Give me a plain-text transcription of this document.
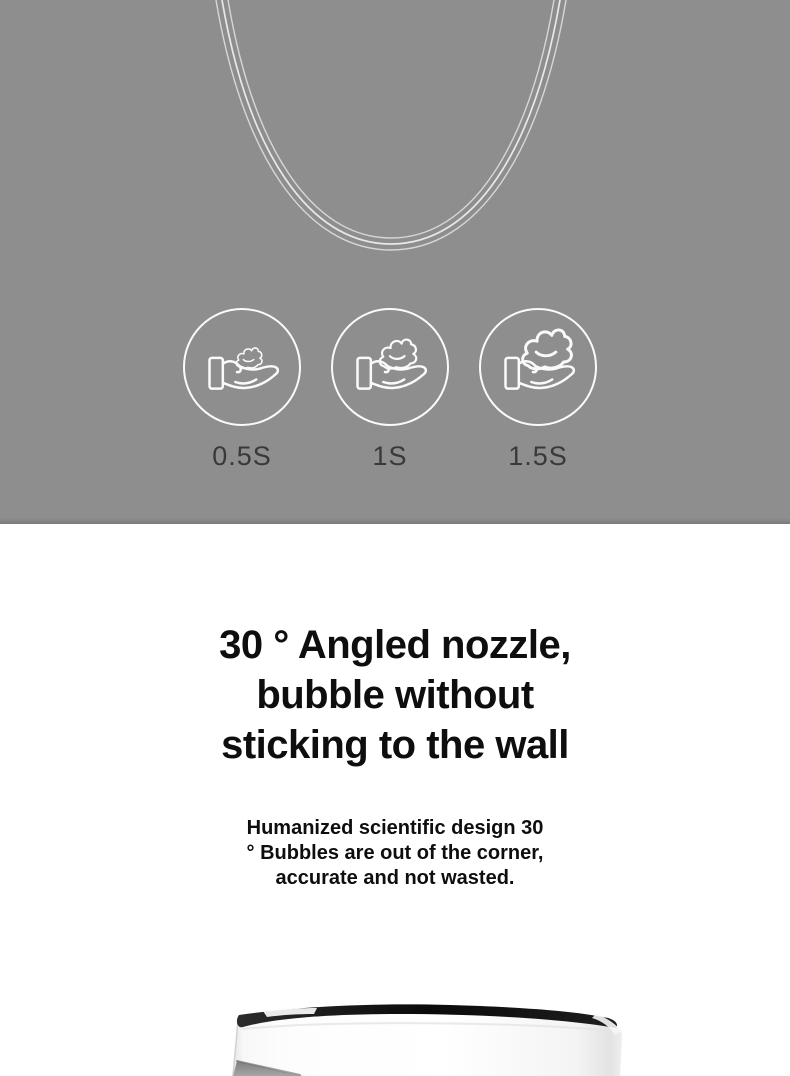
0.5S	1S	1.5S
30 ° Angled nozzle,
bubble without
sticking to the wall

Humanized scientific design 30
° Bubbles are out of the corner,
accurate and not wasted.
